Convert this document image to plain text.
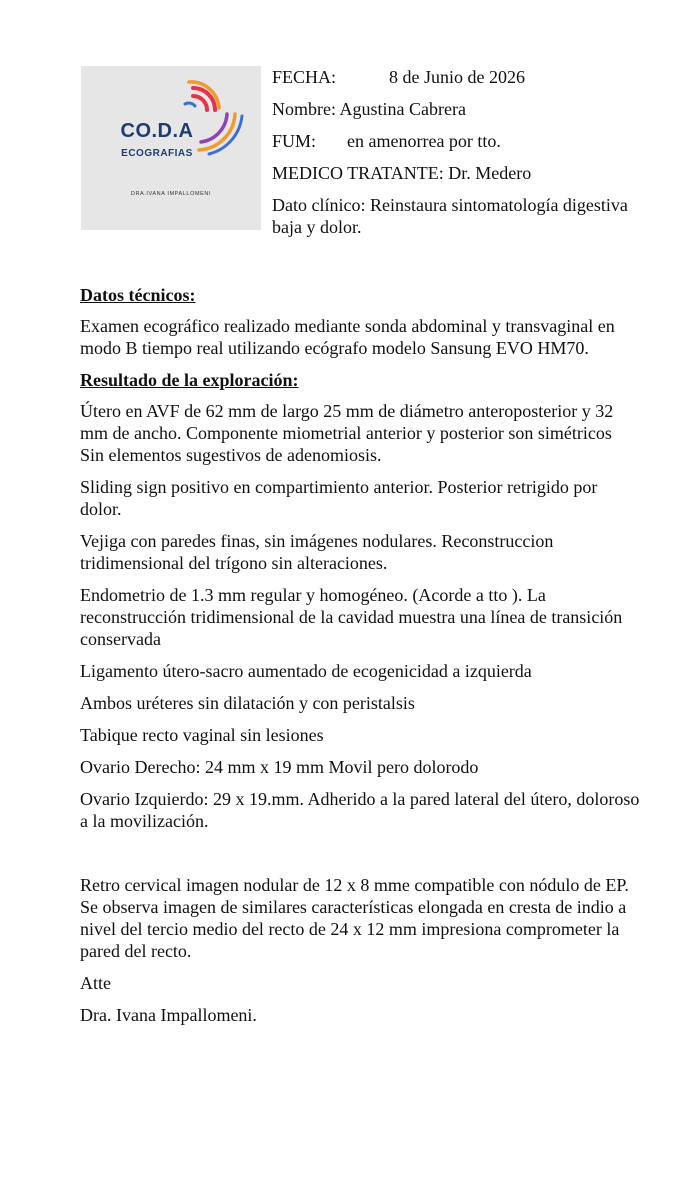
CO.D.A
ECOGRAFIAS
DRA.IVANA IMPALLOMENI
FECHA:	8 de Junio de 2026
Nombre: Agustina Cabrera
FUM: en amenorrea por tto.
MEDICO TRATANTE: Dr. Medero
Dato clínico: Reinstaura sintomatología digestiva baja y dolor.
Datos técnicos:
Examen ecográfico realizado mediante sonda abdominal y transvaginal en modo B tiempo real utilizando ecógrafo modelo Sansung EVO HM70.
Resultado de la exploración:
Útero en AVF de 62 mm de largo 25 mm de diámetro anteroposterior y 32 mm de ancho. Componente miometrial anterior y posterior son simétricos Sin elementos sugestivos de adenomiosis.
Sliding sign positivo en compartimiento anterior. Posterior retrigido por dolor.
Vejiga con paredes finas, sin imágenes nodulares. Reconstruccion tridimensional del trígono sin alteraciones.
Endometrio de 1.3 mm regular y homogéneo. (Acorde a tto ). La reconstrucción tridimensional de la cavidad muestra una línea de transición conservada
Ligamento útero-sacro aumentado de ecogenicidad a izquierda
Ambos uréteres sin dilatación y con peristalsis
Tabique recto vaginal sin lesiones
Ovario Derecho: 24 mm x 19 mm Movil pero dolorodo
Ovario Izquierdo: 29 x 19.mm. Adherido a la pared lateral del útero, doloroso a la movilización.
Retro cervical imagen nodular de 12 x 8 mme compatible con nódulo de EP. Se observa imagen de similares características elongada en cresta de indio a nivel del tercio medio del recto de 24 x 12 mm impresiona comprometer la pared del recto.
Atte
Dra. Ivana Impallomeni.
